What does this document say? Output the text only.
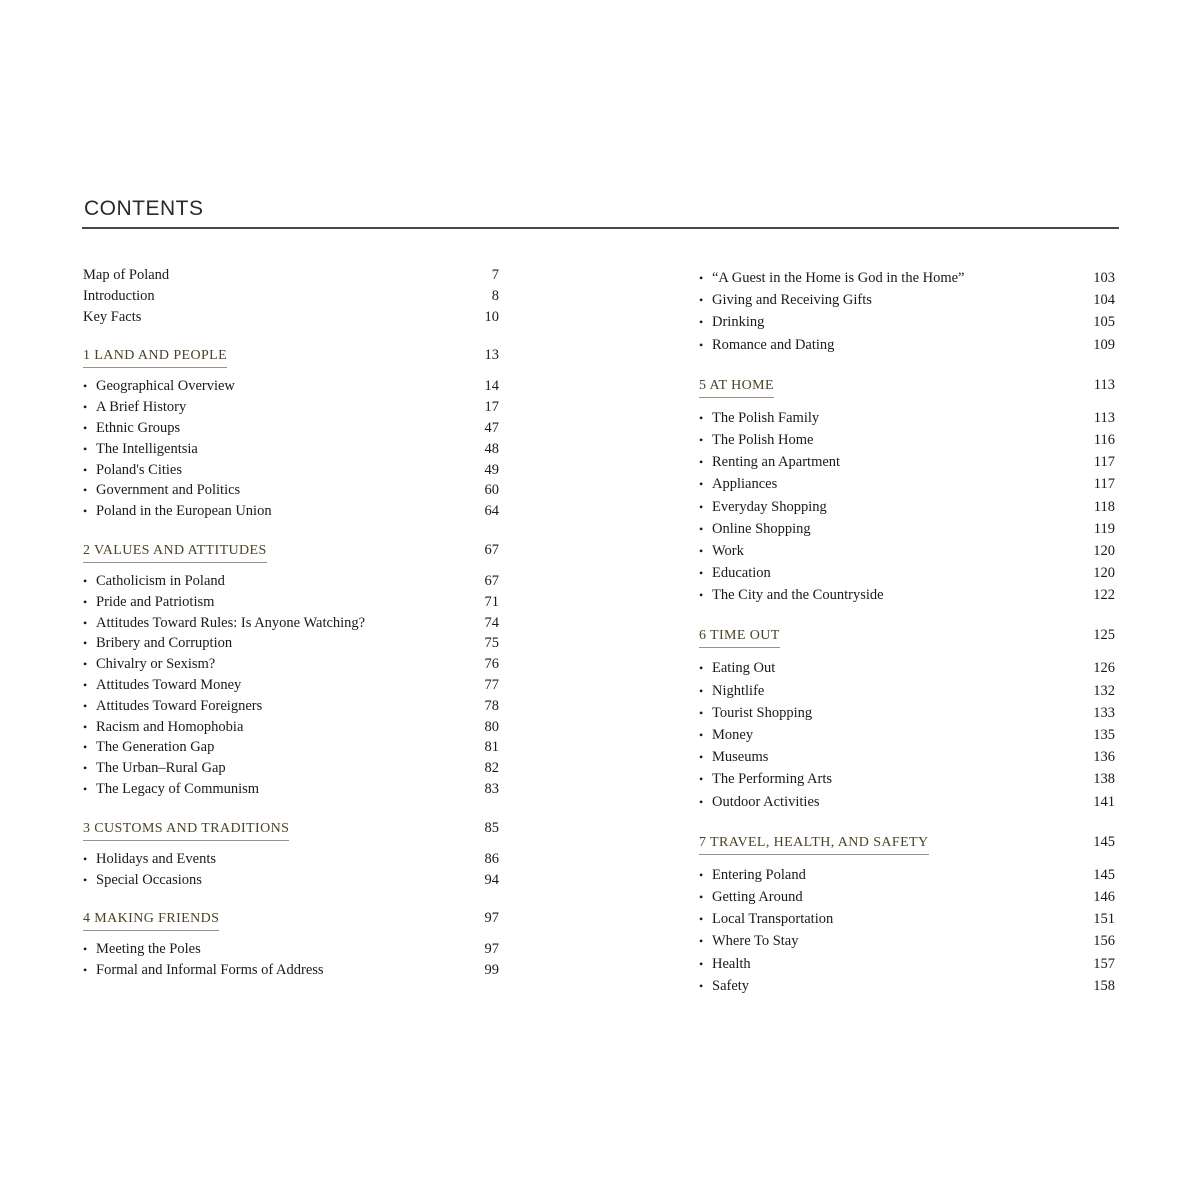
CONTENTS
Map of Poland	7
Introduction	8
Key Facts	10
1 LAND AND PEOPLE	13
• Geographical Overview	14
• A Brief History	17
• Ethnic Groups	47
• The Intelligentsia	48
• Poland's Cities	49
• Government and Politics	60
• Poland in the European Union	64
2 VALUES AND ATTITUDES	67
• Catholicism in Poland	67
• Pride and Patriotism	71
• Attitudes Toward Rules: Is Anyone Watching?	74
• Bribery and Corruption	75
• Chivalry or Sexism?	76
• Attitudes Toward Money	77
• Attitudes Toward Foreigners	78
• Racism and Homophobia	80
• The Generation Gap	81
• The Urban–Rural Gap	82
• The Legacy of Communism	83
3 CUSTOMS AND TRADITIONS	85
• Holidays and Events	86
• Special Occasions	94
4 MAKING FRIENDS	97
• Meeting the Poles	97
• Formal and Informal Forms of Address	99
• “A Guest in the Home is God in the Home”	103
• Giving and Receiving Gifts	104
• Drinking	105
• Romance and Dating	109
5 AT HOME	113
• The Polish Family	113
• The Polish Home	116
• Renting an Apartment	117
• Appliances	117
• Everyday Shopping	118
• Online Shopping	119
• Work	120
• Education	120
• The City and the Countryside	122
6 TIME OUT	125
• Eating Out	126
• Nightlife	132
• Tourist Shopping	133
• Money	135
• Museums	136
• The Performing Arts	138
• Outdoor Activities	141
7 TRAVEL, HEALTH, AND SAFETY	145
• Entering Poland	145
• Getting Around	146
• Local Transportation	151
• Where To Stay	156
• Health	157
• Safety	158
